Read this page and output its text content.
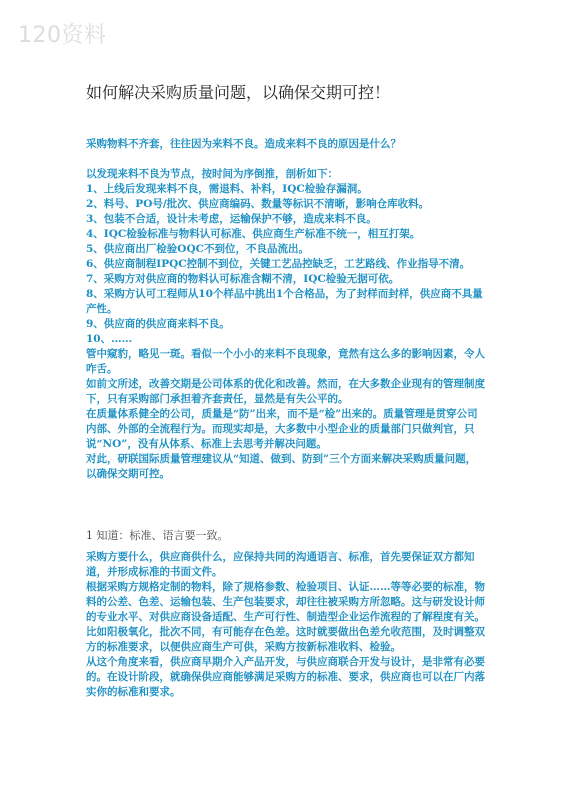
120资料
如何解决采购质量问题，以确保交期可控！

采购物料不齐套，往往因为来料不良。造成来料不良的原因是什么？

以发现来料不良为节点，按时间为序倒推，剖析如下：

1、上线后发现来料不良，需退料、补料，IQC检验存漏洞。

2、料号、PO号/批次、供应商编码、数量等标识不清晰，影响仓库收料。

3、包装不合适，设计未考虑，运输保护不够，造成来料不良。

4、IQC检验标准与物料认可标准、供应商生产标准不统一，相互打架。

5、供应商出厂检验OQC不到位，不良品流出。

6、供应商制程IPQC控制不到位，关键工艺品控缺乏，工艺路线、作业指导不清。

7、采购方对供应商的物料认可标准含糊不清，IQC检验无据可依。

8、采购方认可工程师从10个样品中挑出1个合格品，为了封样而封样，供应商不具量产性。

9、供应商的供应商来料不良。

10、……

管中窥豹，略见一斑。看似一个小小的来料不良现象，竟然有这么多的影响因素，令人咋舌。

如前文所述，改善交期是公司体系的优化和改善。然而，在大多数企业现有的管理制度下，只有采购部门承担着齐套责任，显然是有失公平的。

在质量体系健全的公司，质量是“防”出来，而不是“检”出来的。质量管理是贯穿公司内部、外部的全流程行为。而现实却是，大多数中小型企业的质量部门只做判官，只说“NO”，没有从体系、标准上去思考并解决问题。

对此，研联国际质量管理建议从“知道、做到、防到”三个方面来解决采购质量问题，以确保交期可控。

1 知道：标准、语言要一致。

采购方要什么，供应商供什么，应保持共同的沟通语言、标准，首先要保证双方都知道，并形成标准的书面文件。

根据采购方规格定制的物料，除了规格参数、检验项目、认证……等等必要的标准，物料的公差、色差、运输包装、生产包装要求，却往往被采购方所忽略。这与研发设计师的专业水平、对供应商设备适配、生产可行性、制造型企业运作流程的了解程度有关。比如阳极氧化，批次不同，有可能存在色差。这时就要做出色差允收范围，及时调整双方的标准要求，以便供应商生产可供，采购方按新标准收料、检验。

从这个角度来看，供应商早期介入产品开发，与供应商联合开发与设计，是非常有必要的。在设计阶段，就确保供应商能够满足采购方的标准、要求，供应商也可以在厂内落实你的标准和要求。
